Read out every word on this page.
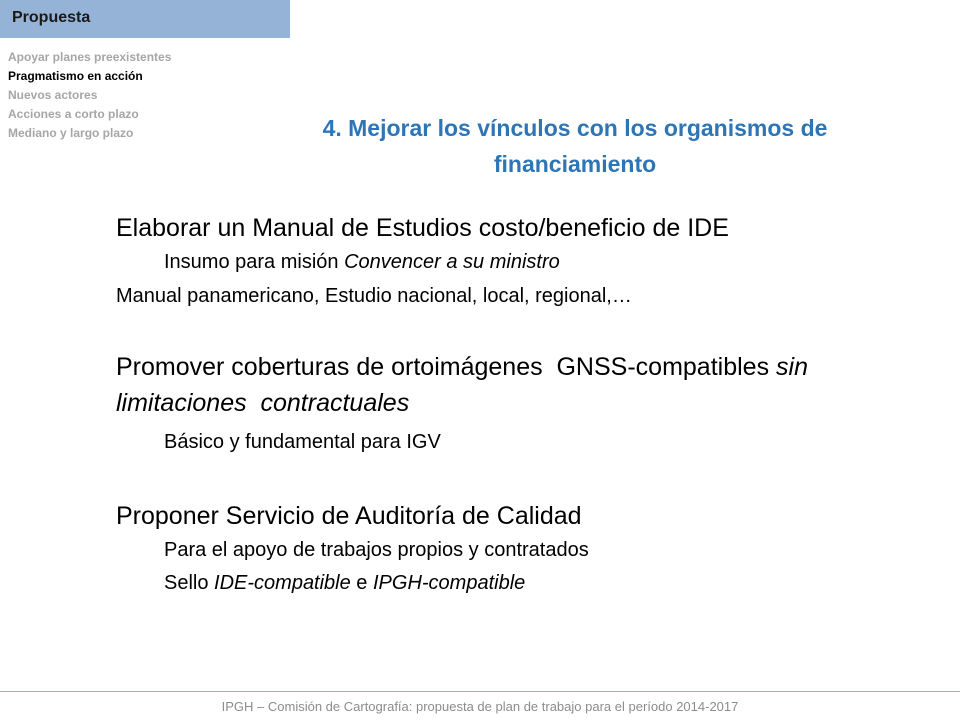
Propuesta
Apoyar planes preexistentes
Pragmatismo en acción
Nuevos actores
Acciones a corto plazo
Mediano y largo plazo	4. Mejorar los vínculos con los organismos de financiamiento

Elaborar un Manual de Estudios costo/beneficio de IDE

Insumo para misión Convencer a su ministro

Manual panamericano, Estudio nacional, local, regional,…

Promover coberturas de ortoimágenes  GNSS-compatibles sin limitaciones  contractuales

Básico y fundamental para IGV

Proponer Servicio de Auditoría de Calidad

Para el apoyo de trabajos propios y contratados

Sello IDE-compatible e IPGH-compatible

IPGH – Comisión de Cartografía: propuesta de plan de trabajo para el período 2014-2017
